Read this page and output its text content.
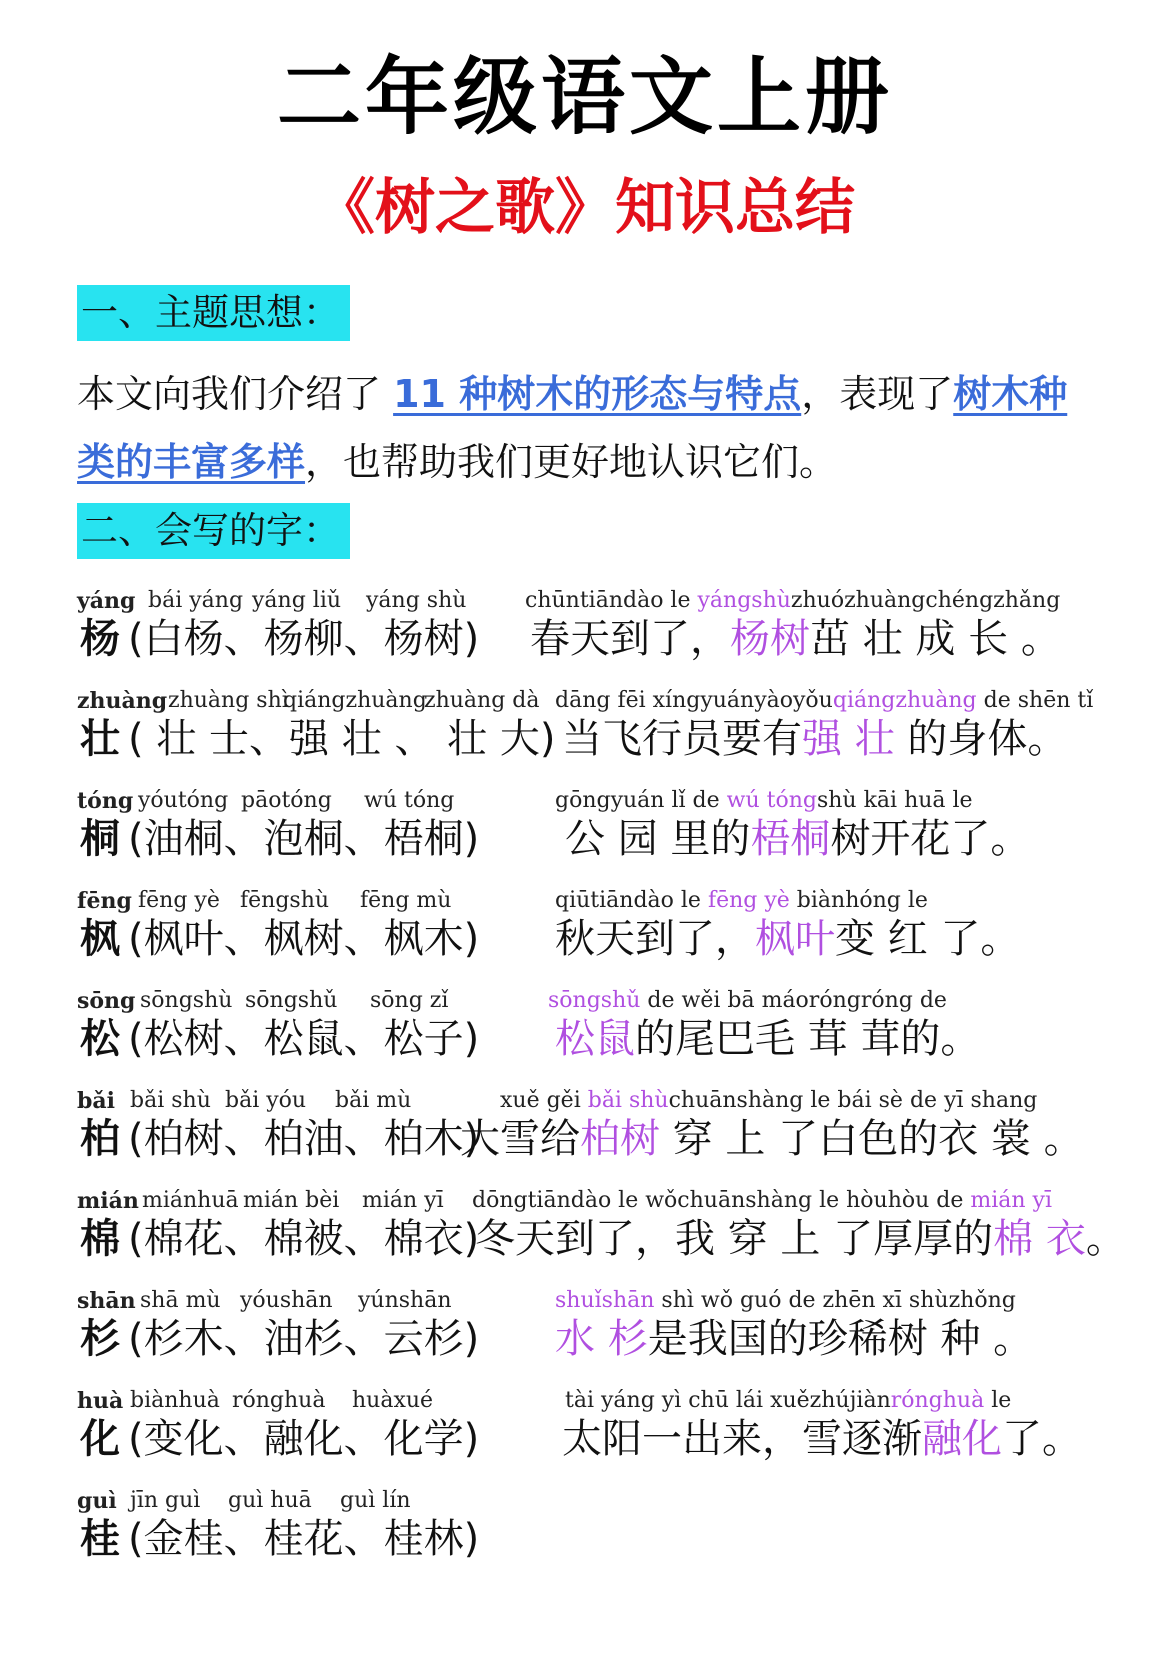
二年级语文上册
《树之歌》知识总结
一、主题思想：
本文向我们介绍了 11 种树木的形态与特点，表现了树木种类的丰富多样，也帮助我们更好地认识它们。
二、会写的字：
yáng bái yáng yáng liǔ yáng shù
杨 (白杨、杨柳、杨树)
chūntiāndào le yángshùzhuózhuàngchéngzhǎng
春天到了，杨树茁 壮 成 长 。
zhuàng zhuàng shì
qiángzhuàng
zhuàng dà
壮 ( 壮 士、强 壮 、 壮 大)
dāng fēi xíngyuányàoyǒuqiángzhuàng de shēn tǐ
当飞行员要有强 壮 的身体。
tóng yóutóng pāotóng wú tóng
桐 (油桐、泡桐、梧桐)
gōngyuán lǐ de wú tóngshù kāi huā le
公 园 里的梧桐树开花了。
fēng fēng yè fēngshù fēng mù
枫 (枫叶、枫树、枫木)
qiūtiāndào le fēng yè biànhóng le
秋天到了，枫叶变 红 了。
sōng sōngshù sōngshǔ sōng zǐ
松 (松树、松鼠、松子)
sōngshǔ de wěi bā máoróngróng de
松鼠的尾巴毛 茸 茸的。
bǎi bǎi shù bǎi yóu bǎi mù
柏 (柏树、柏油、柏木)
xuě gěi bǎi shùchuānshàng le bái sè de yī shang
大雪给柏树 穿 上 了白色的衣 裳 。
mián miánhuā mián bèi mián yī
棉 (棉花、棉被、棉衣)
dōngtiāndào le wǒchuānshàng le hòuhòu de mián yī
冬天到了，我 穿 上 了厚厚的棉 衣。
shān shā mù yóushān yúnshān
杉 (杉木、油杉、云杉)
shuǐshān shì wǒ guó de zhēn xī shùzhǒng
水 杉是我国的珍稀树 种 。
huà biànhuà rónghuà huàxué
化 (变化、融化、化学)
tài yáng yì chū lái xuězhújiànrónghuà le
太阳一出来，雪逐渐融化了。
guì jīn guì guì huā guì lín
桂 (金桂、桂花、桂林)
